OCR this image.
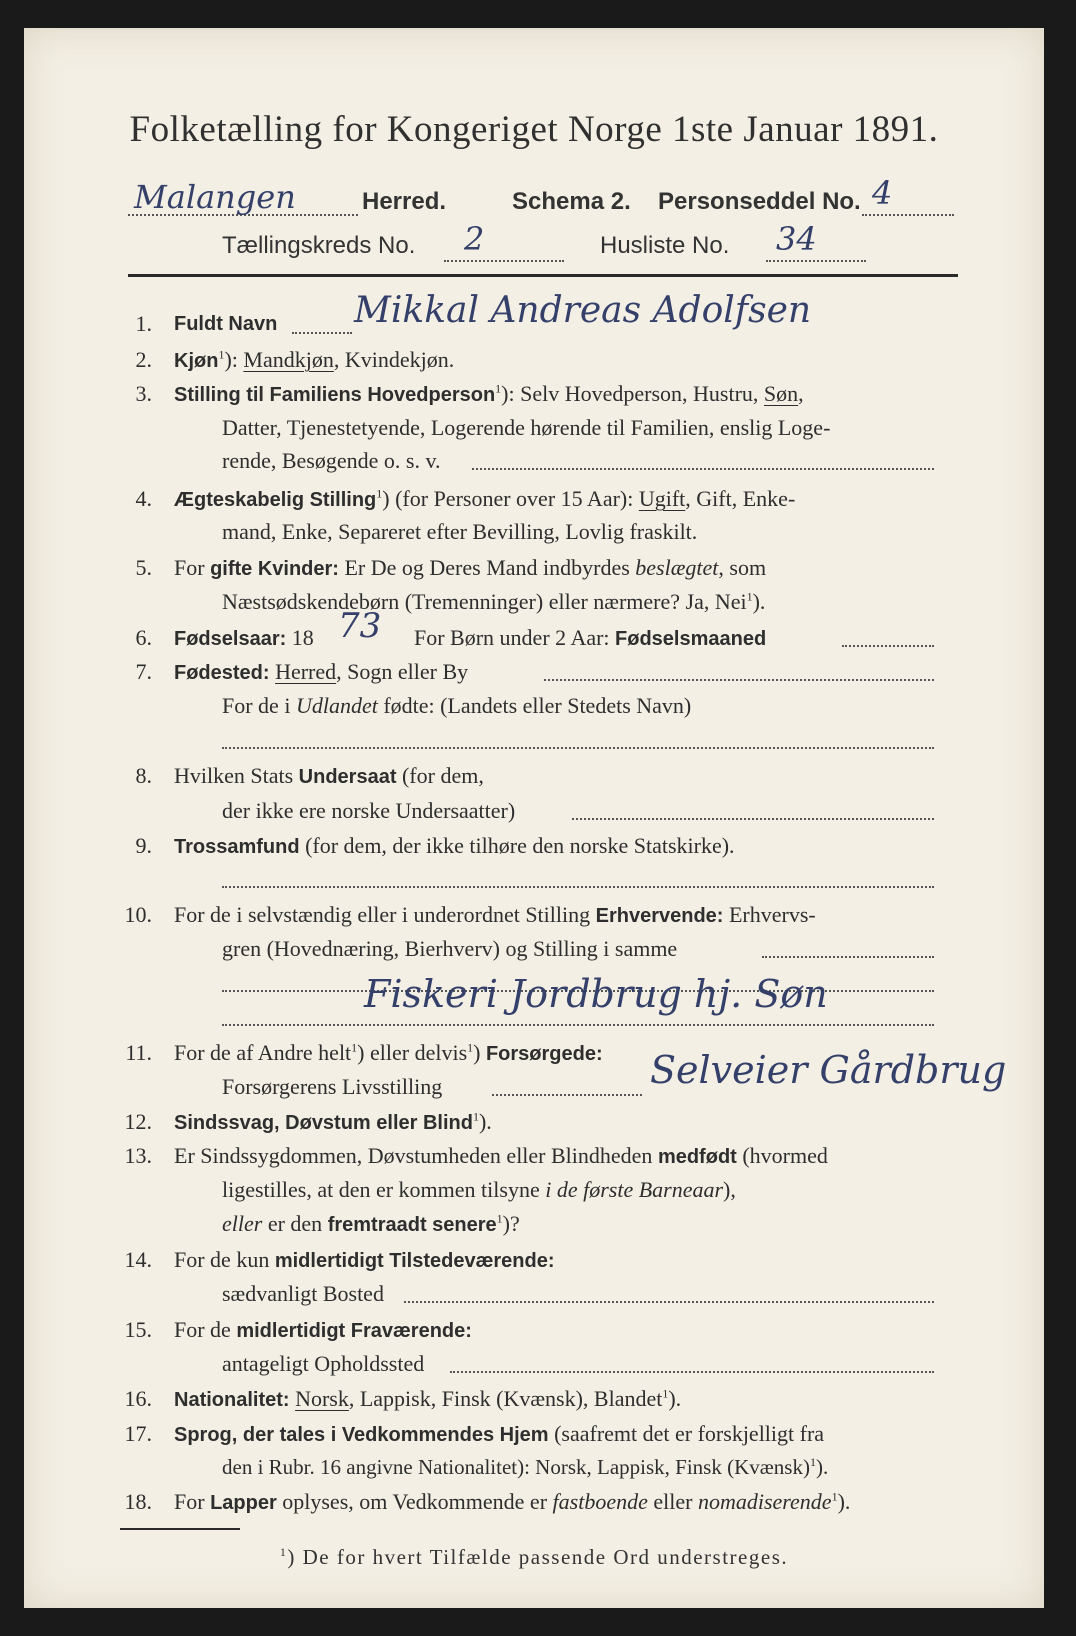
Folketælling for Kongeriget Norge 1ste Januar 1891.
Malangen	Herred.	Schema 2. Personseddel No. 4
Tællingskreds No. 2	Husliste No. 34
1. Fuldt Navn Mikkal Andreas Adolfsen
2. Kjøn$^1$): Mandkjøn, Kvindekjøn.
3. Stilling til Familiens Hovedperson$^1$): Selv Hovedperson, Hustru, Søn,
Datter, Tjenestetyende, Logerende hørende til Familien, enslig Loge-
rende, Besøgende o. s. v.
4. Ægteskabelig Stilling$^1$) (for Personer over 15 Aar): Ugift, Gift, Enke-
mand, Enke, Separeret efter Bevilling, Lovlig fraskilt.
5. For gifte Kvinder: Er De og Deres Mand indbyrdes beslægtet, som
Næstsødskendebørn (Tremenninger) eller nærmere? Ja, Nei$^1$).
6. Fødselsaar: 18 73 For Børn under 2 Aar: Fødselsmaaned
7. Fødested: Herred, Sogn eller By
For de i Udlandet fødte: (Landets eller Stedets Navn)
8. Hvilken Stats Undersaat (for dem,
der ikke ere norske Undersaatter)
9. Trossamfund (for dem, der ikke tilhøre den norske Statskirke).
10. For de i selvstændig eller i underordnet Stilling Erhvervende: Erhvervs-
gren (Hovednæring, Bierhverv) og Stilling i samme
Fiskeri Jordbrug hj. Søn
11. For de af Andre helt$^1$) eller delvis$^1$) Forsørgede:
Forsørgerens Livsstilling	Selveier Gårdbrug
12. Sindssvag, Døvstum eller Blind$^1$).
13. Er Sindssygdommen, Døvstumheden eller Blindheden medfødt (hvormed
ligestilles, at den er kommen tilsyne i de første Barneaar),
eller er den fremtraadt senere$^1$)?
14. For de kun midlertidigt Tilstedeværende:
sædvanligt Bosted
15. For de midlertidigt Fraværende:
antageligt Opholdssted
16. Nationalitet: Norsk, Lappisk, Finsk (Kvænsk), Blandet$^1$).
17. Sprog, der tales i Vedkommendes Hjem (saafremt det er forskjelligt fra
den i Rubr. 16 angivne Nationalitet): Norsk, Lappisk, Finsk (Kvænsk)$^1$).
18. For Lapper oplyses, om Vedkommende er fastboende eller nomadiserende$^1$).
$^1$) De for hvert Tilfælde passende Ord understreges.
